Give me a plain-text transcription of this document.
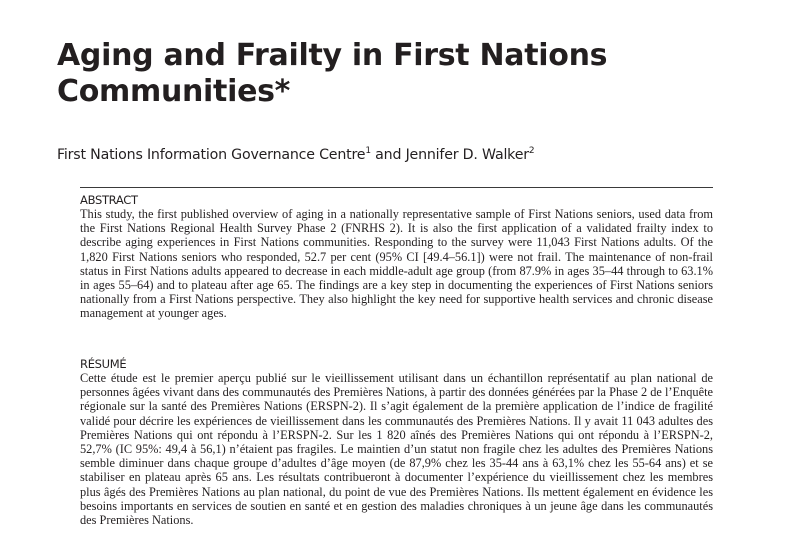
Aging and Frailty in First Nations Communities*
First Nations Information Governance Centre$^1$ and Jennifer D. Walker$^2$
ABSTRACT

This study, the first published overview of aging in a nationally representative sample of First Nations seniors, used data from the First Nations Regional Health Survey Phase 2 (FNRHS 2). It is also the first application of a validated frailty index to describe aging experiences in First Nations communities. Responding to the survey were 11,043 First Nations adults. Of the 1,820 First Nations seniors who responded, 52.7 per cent (95% CI [49.4–56.1]) were not frail. The maintenance of non-frail status in First Nations adults appeared to decrease in each middle-adult age group (from 87.9% in ages 35–44 through to 63.1% in ages 55–64) and to plateau after age 65. The findings are a key step in documenting the experiences of First Nations seniors nationally from a First Nations perspective. They also highlight the key need for supportive health services and chronic disease management at younger ages.

RÉSUMÉ

Cette étude est le premier aperçu publié sur le vieillissement utilisant dans un échantillon représentatif au plan national de personnes âgées vivant dans des communautés des Premières Nations, à partir des données générées par la Phase 2 de l’Enquête régionale sur la santé des Premières Nations (ERSPN-2). Il s’agit également de la première application de l’indice de fragilité validé pour décrire les expériences de vieillissement dans les communautés des Premières Nations. Il y avait 11 043 adultes des Premières Nations qui ont répondu à l’ERSPN-2. Sur les 1 820 aînés des Premières Nations qui ont répondu à l’ERSPN-2, 52,7% (IC 95%: 49,4 à 56,1) n’étaient pas fragiles. Le maintien d’un statut non fragile chez les adultes des Premières Nations semble diminuer dans chaque groupe d’adultes d’âge moyen (de 87,9% chez les 35-44 ans à 63,1% chez les 55-64 ans) et se stabiliser en plateau après 65 ans. Les résultats contribueront à documenter l’expérience du vieillissement chez les membres plus âgés des Premières Nations au plan national, du point de vue des Premières Nations. Ils mettent également en évidence les besoins importants en services de soutien en santé et en gestion des maladies chroniques à un jeune âge dans les communautés des Premières Nations.
